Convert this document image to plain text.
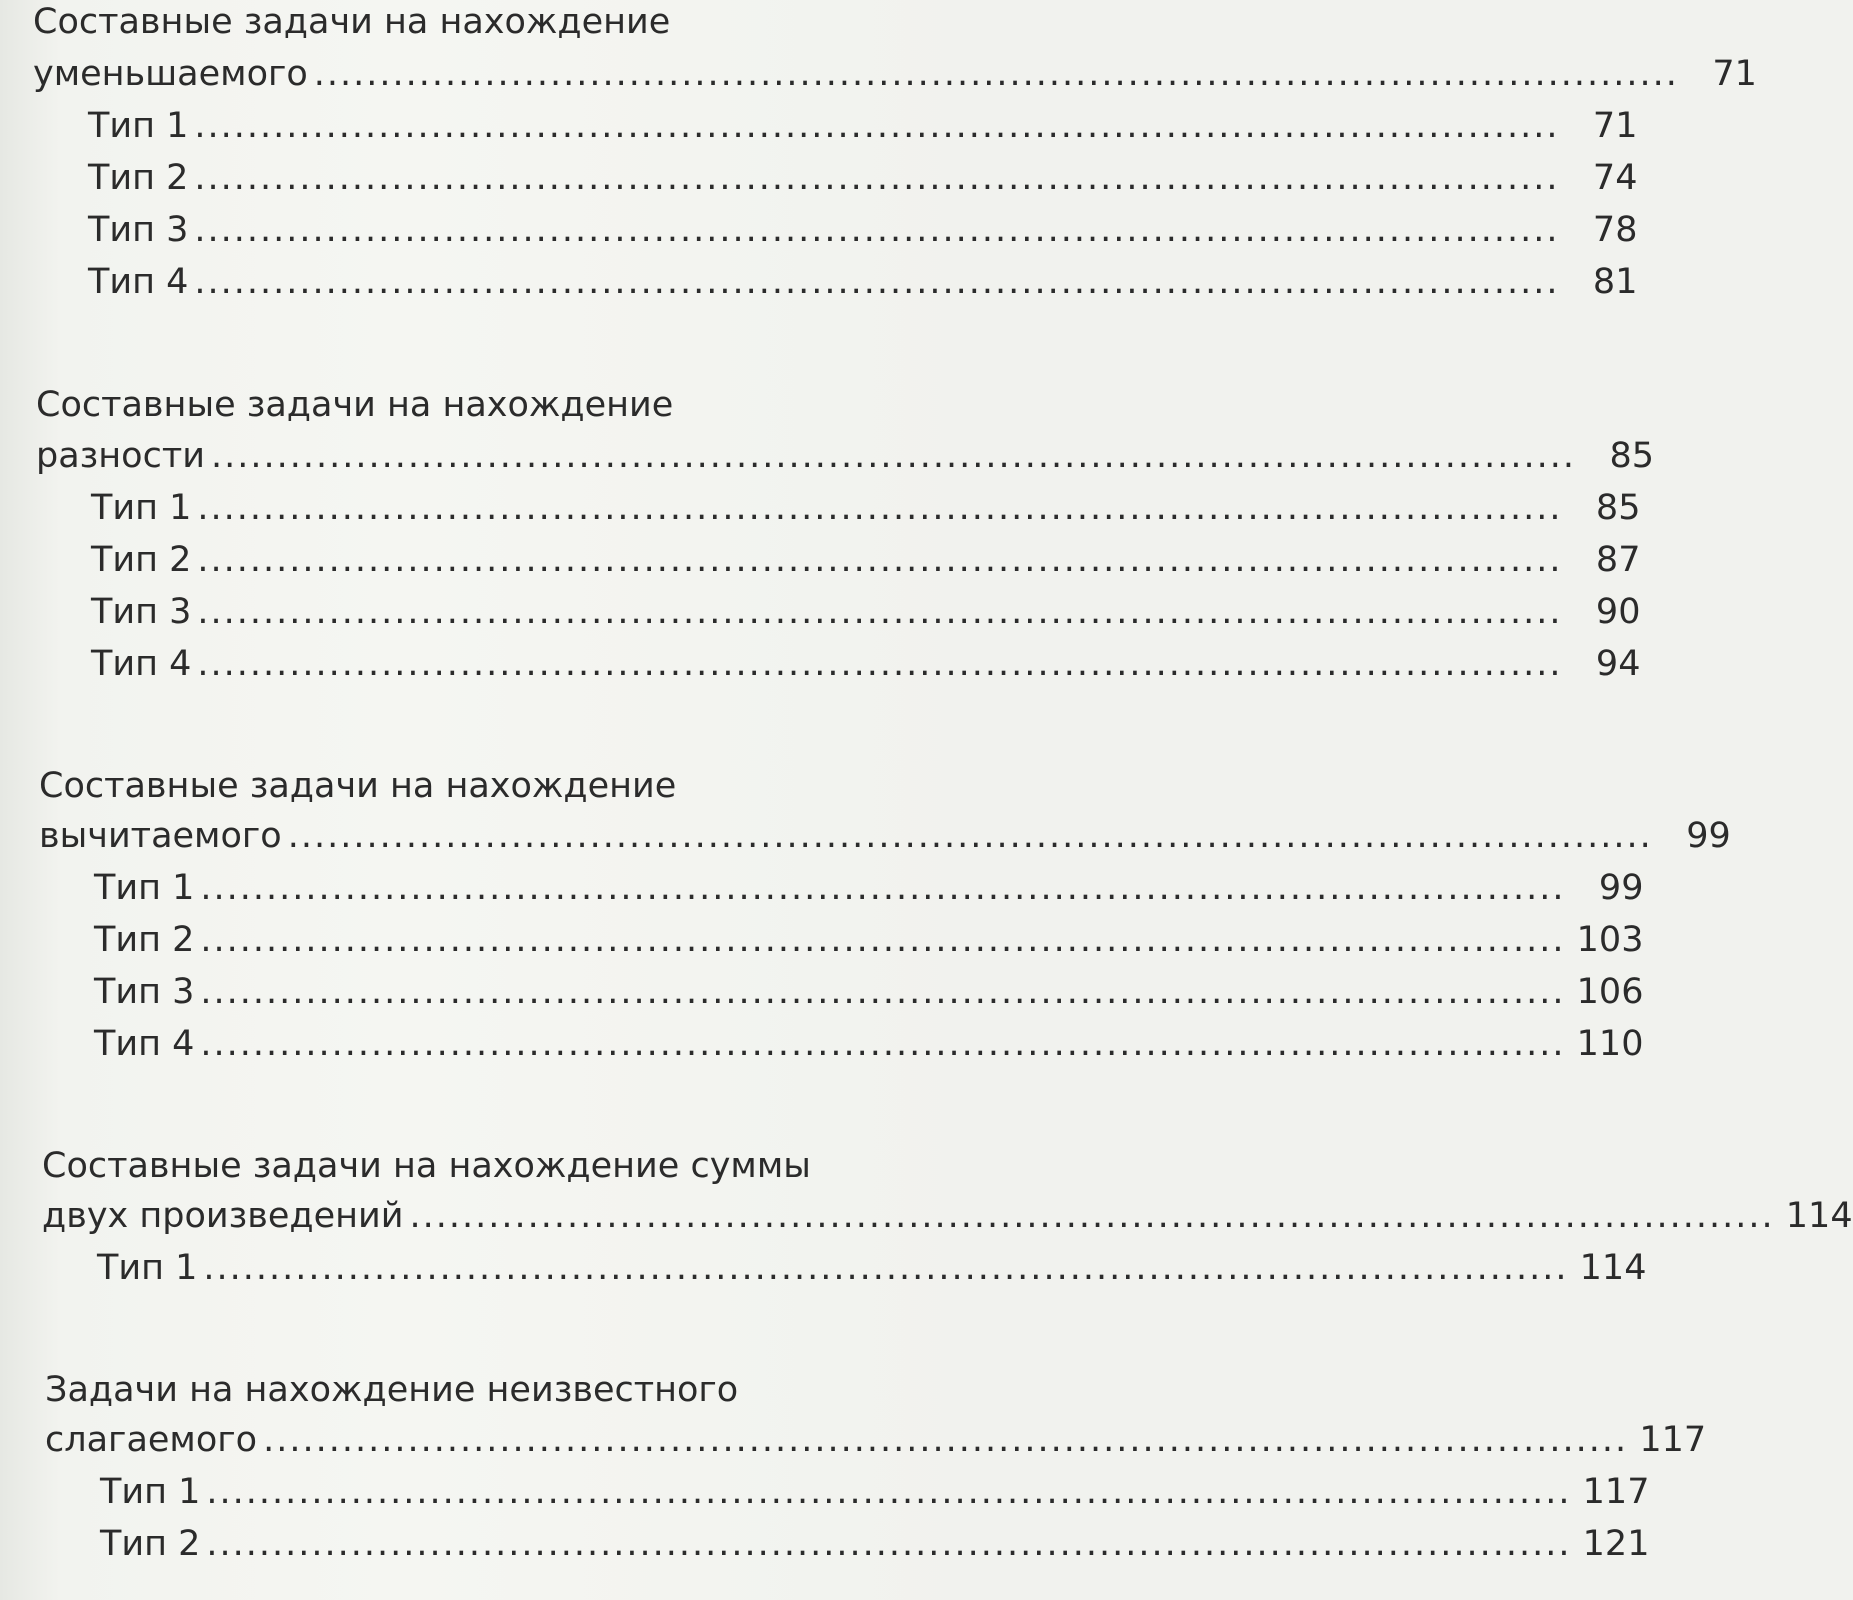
Составные задачи на нахождение
уменьшаемого ........................................................................................................ 71
Тип 1 ........................................................................................................ 71
Тип 2 ........................................................................................................ 74
Тип 3 ........................................................................................................ 78
Тип 4 ........................................................................................................ 81
Составные задачи на нахождение
разности ........................................................................................................ 85
Тип 1 ........................................................................................................ 85
Тип 2 ........................................................................................................ 87
Тип 3 ........................................................................................................ 90
Тип 4 ........................................................................................................ 94
Составные задачи на нахождение
вычитаемого ........................................................................................................ 99
Тип 1 ........................................................................................................ 99
Тип 2 ........................................................................................................ 103
Тип 3 ........................................................................................................ 106
Тип 4 ........................................................................................................ 110
Составные задачи на нахождение суммы
двух произведений ........................................................................................................ 114
Тип 1 ........................................................................................................ 114
Задачи на нахождение неизвестного
слагаемого ........................................................................................................ 117
Тип 1 ........................................................................................................ 117
Тип 2 ........................................................................................................ 121
